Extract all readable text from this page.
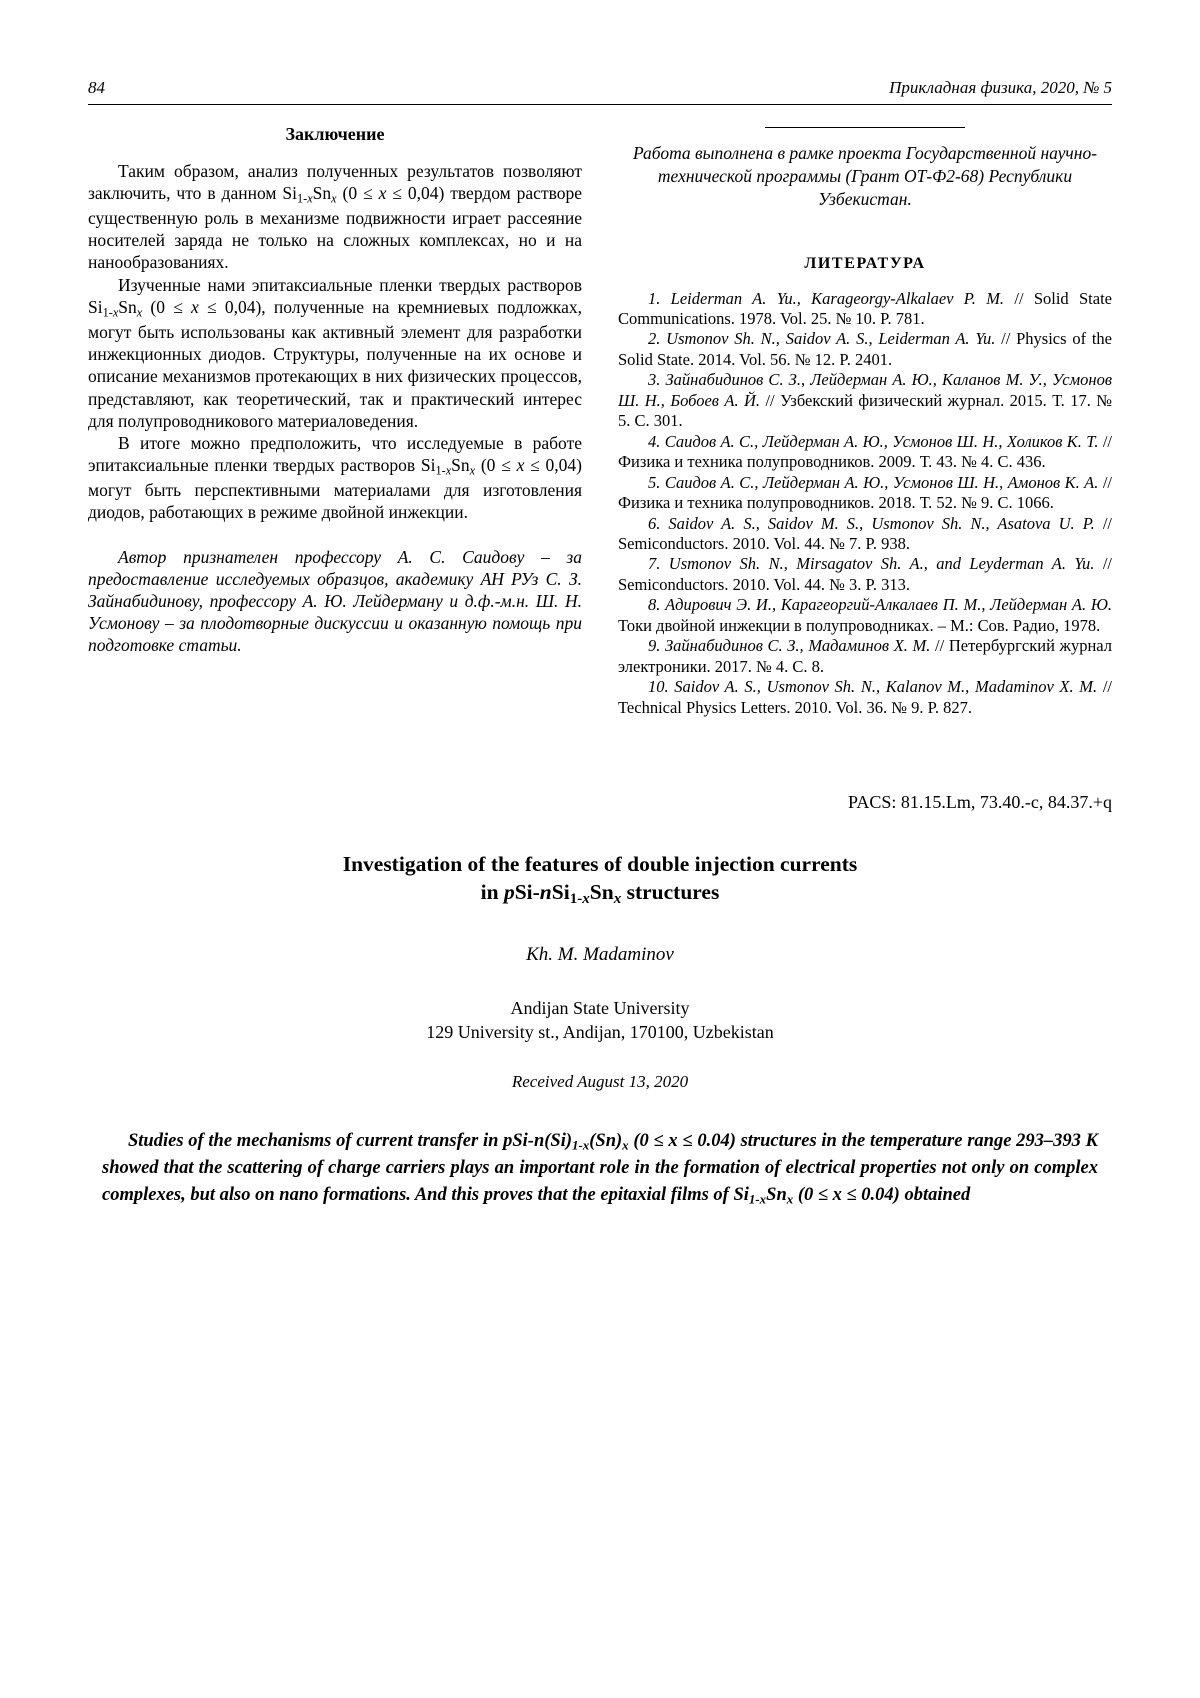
84	Прикладная физика, 2020, № 5
Заключение

Таким образом, анализ полученных результатов позволяют заключить, что в данном $Si_{1-x}Sn_x$ (0 ≤ x ≤ 0,04) твердом растворе существенную роль в механизме подвижности играет рассеяние носителей заряда не только на сложных комплексах, но и на нанообразованиях.

Изученные нами эпитаксиальные пленки твердых растворов $Si_{1-x}Sn_x$ (0 ≤ x ≤ 0,04), полученные на кремниевых подложках, могут быть использованы как активный элемент для разработки инжекционных диодов. Структуры, полученные на их основе и описание механизмов протекающих в них физических процессов, представляют, как теоретический, так и практический интерес для полупроводникового материаловедения.

В итоге можно предположить, что исследуемые в работе эпитаксиальные пленки твердых растворов $Si_{1-x}Sn_x$ (0 ≤ x ≤ 0,04) могут быть перспективными материалами для изготовления диодов, работающих в режиме двойной инжекции.

Автор признателен профессору А. С. Саидову – за предоставление исследуемых образцов, академику АН РУз С. З. Зайнабидинову, профессору А. Ю. Лейдерману и д.ф.-м.н. Ш. Н. Усмонову – за плодотворные дискуссии и оказанную помощь при подготовке статьи.

Работа выполнена в рамке проекта Государственной научно-технической программы (Грант ОТ-Ф2-68) Республики Узбекистан.

ЛИТЕРАТУРА

1. Leiderman A. Yu., Karageorgy-Alkalaev P. M. // Solid State Communications. 1978. Vol. 25. № 10. P. 781.

2. Usmonov Sh. N., Saidov A. S., Leiderman A. Yu. // Physics of the Solid State. 2014. Vol. 56. № 12. P. 2401.

3. Зайнабидинов С. З., Лейдерман А. Ю., Каланов М. У., Усмонов Ш. Н., Бобоев А. Й. // Узбекский физический журнал. 2015. Т. 17. № 5. С. 301.

4. Саидов А. С., Лейдерман А. Ю., Усмонов Ш. Н., Холиков К. Т. // Физика и техника полупроводников. 2009. Т. 43. № 4. С. 436.

5. Саидов А. С., Лейдерман А. Ю., Усмонов Ш. Н., Амонов К. А. // Физика и техника полупроводников. 2018. Т. 52. № 9. С. 1066.

6. Saidov A. S., Saidov M. S., Usmonov Sh. N., Asatova U. P. // Semiconductors. 2010. Vol. 44. № 7. P. 938.

7. Usmonov Sh. N., Mirsagatov Sh. A., and Leyderman A. Yu. // Semiconductors. 2010. Vol. 44. № 3. P. 313.

8. Адирович Э. И., Карагеоргий-Алкалаев П. М., Лейдерман А. Ю. Токи двойной инжекции в полупроводниках. – М.: Сов. Радио, 1978.

9. Зайнабидинов С. З., Мадаминов Х. М. // Петербургский журнал электроники. 2017. № 4. С. 8.

10. Saidov A. S., Usmonov Sh. N., Kalanov M., Madaminov X. M. // Technical Physics Letters. 2010. Vol. 36. № 9. P. 827.

PACS: 81.15.Lm, 73.40.-c, 84.37.+q
Investigation of the features of double injection currents
in pSi-$nSi_{1-x}Sn_x$ structures
Kh. M. Madaminov
Andijan State University
129 University st., Andijan, 170100, Uzbekistan
Received August 13, 2020
Studies of the mechanisms of current transfer in pSi-$n(Si)_{1-x}(Sn)_x$ (0 ≤ x ≤ 0.04) structures in the temperature range 293–393 K showed that the scattering of charge carriers plays an important role in the formation of electrical properties not only on complex complexes, but also on nano formations. And this proves that the epitaxial films of $Si_{1-x}Sn_x$ (0 ≤ x ≤ 0.04) obtained
